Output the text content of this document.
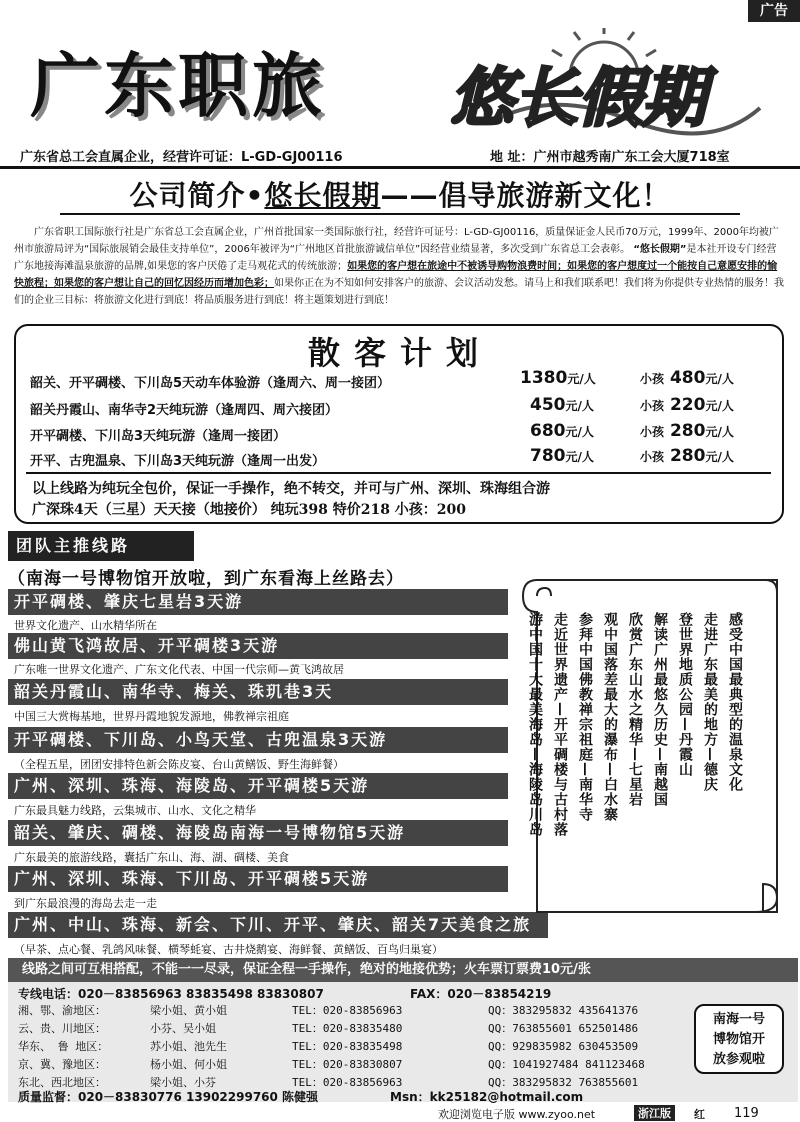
广告
广东职旅 悠长假期
广东省总工会直属企业，经营许可证：L-GD-GJ00116	地 址：广州市越秀南广东工会大厦718室
公司简介•悠长假期——倡导旅游新文化！
广东省职工国际旅行社是广东省总工会直属企业，广州首批国家一类国际旅行社，经营许可证号：L-GD-GJ00116，质量保证金人民币70万元，1999年、2000年均被广州市旅游局评为“国际旅展销会最佳支持单位”，2006年被评为“广州地区首批旅游诚信单位”因经营业绩显著，多次受到广东省总工会表彰。 “悠长假期”是本社开设专门经营广东地接海滩温泉旅游的品牌,如果您的客户厌倦了走马观花式的传统旅游；如果您的客户想在旅途中不被诱导购物浪费时间；如果您的客户想度过一个能按自己意愿安排的愉快旅程；如果您的客户想让自己的回忆因经历而增加色彩；如果你正在为不知如何安排客户的旅游、会议活动发愁。请马上和我们联系吧！我们将为你提供专业热情的服务！我们的企业三目标：将旅游文化进行到底！将品质服务进行到底！将主题策划进行到底！
散客计划
韶关、开平碉楼、下川岛5天动车体验游（逢周六、周一接团）	1380元/人	小孩 480元/人
韶关丹霞山、南华寺2天纯玩游（逢周四、周六接团）	450元/人	小孩 220元/人
开平碉楼、下川岛3天纯玩游（逢周一接团）	680元/人	小孩 280元/人
开平、古兜温泉、下川岛3天纯玩游（逢周一出发）	780元/人	小孩 280元/人
以上线路为纯玩全包价，保证一手操作，绝不转交，并可与广州、深圳、珠海组合游
广深珠4天（三星）天天接（地接价） 纯玩398 特价218 小孩：200
团队主推线路
（南海一号博物馆开放啦，到广东看海上丝路去）
开平碉楼、肇庆七星岩3天游
世界文化遗产、山水精华所在
佛山黄飞鸿故居、开平碉楼3天游
广东唯一世界文化遗产、广东文化代表、中国一代宗师—黄飞鸿故居
韶关丹霞山、南华寺、梅关、珠玑巷3天
中国三大赏梅基地，世界丹霞地貌发源地，佛教禅宗祖庭
开平碉楼、下川岛、小鸟天堂、古兜温泉3天游
（全程五星，团团安排特色新会陈皮宴、台山黄鳝饭、野生海鲜餐）
广州、深圳、珠海、海陵岛、开平碉楼5天游
广东最具魅力线路，云集城市、山水、文化之精华
韶关、肇庆、碉楼、海陵岛南海一号博物馆5天游
广东最美的旅游线路，囊括广东山、海、湖、碉楼、美食
广州、深圳、珠海、下川岛、开平碉楼5天游
到广东最浪漫的海岛去走一走
广州、中山、珠海、新会、下川、开平、肇庆、韶关7天美食之旅
（早茶、点心餐、乳鸽风味餐、横琴蚝宴、古井烧鹅宴、海鲜餐、黄鳝饭、百鸟归巢宴）
感受中国最典型的温泉文化
走进广东最美的地方—德庆
登世界地质公园—丹霞山
解读广州最悠久历史—南越国
欣赏广东山水之精华—七星岩
观中国落差最大的瀑布—白水寨
参拜中国佛教禅宗祖庭—南华寺
走近世界遗产—开平碉楼与古村落
游中国十大最美海岛—海陵岛川岛
线路之间可互相搭配，不能一一尽录，保证全程一手操作，绝对的地接优势；火车票订票费10元/张
专线电话：020－83856963 83835498 83830807	FAX：020－83854219
湘、鄂、渝地区：	梁小姐、黄小姐	TEL：020-83856963	QQ：383295832 435641376
云、贵、川地区：	小芬、吴小姐	TEL：020-83835480	QQ：763855601 652501486
华东、 鲁 地区：	苏小姐、池先生	TEL：020-83835498	QQ：929835982 630453509
京、冀、豫地区：	杨小姐、何小姐	TEL：020-83830807	QQ：1041927484 841123468
东北、西北地区：	梁小姐、小芬	TEL：020-83856963	QQ：383295832 763855601
质量监督：020－83830776 13902299760 陈健强	Msn：kk25182@hotmail.com
南海一号
博物馆开
放参观啦
欢迎浏览电子版 www.zyoo.net	浙江版	红 119
